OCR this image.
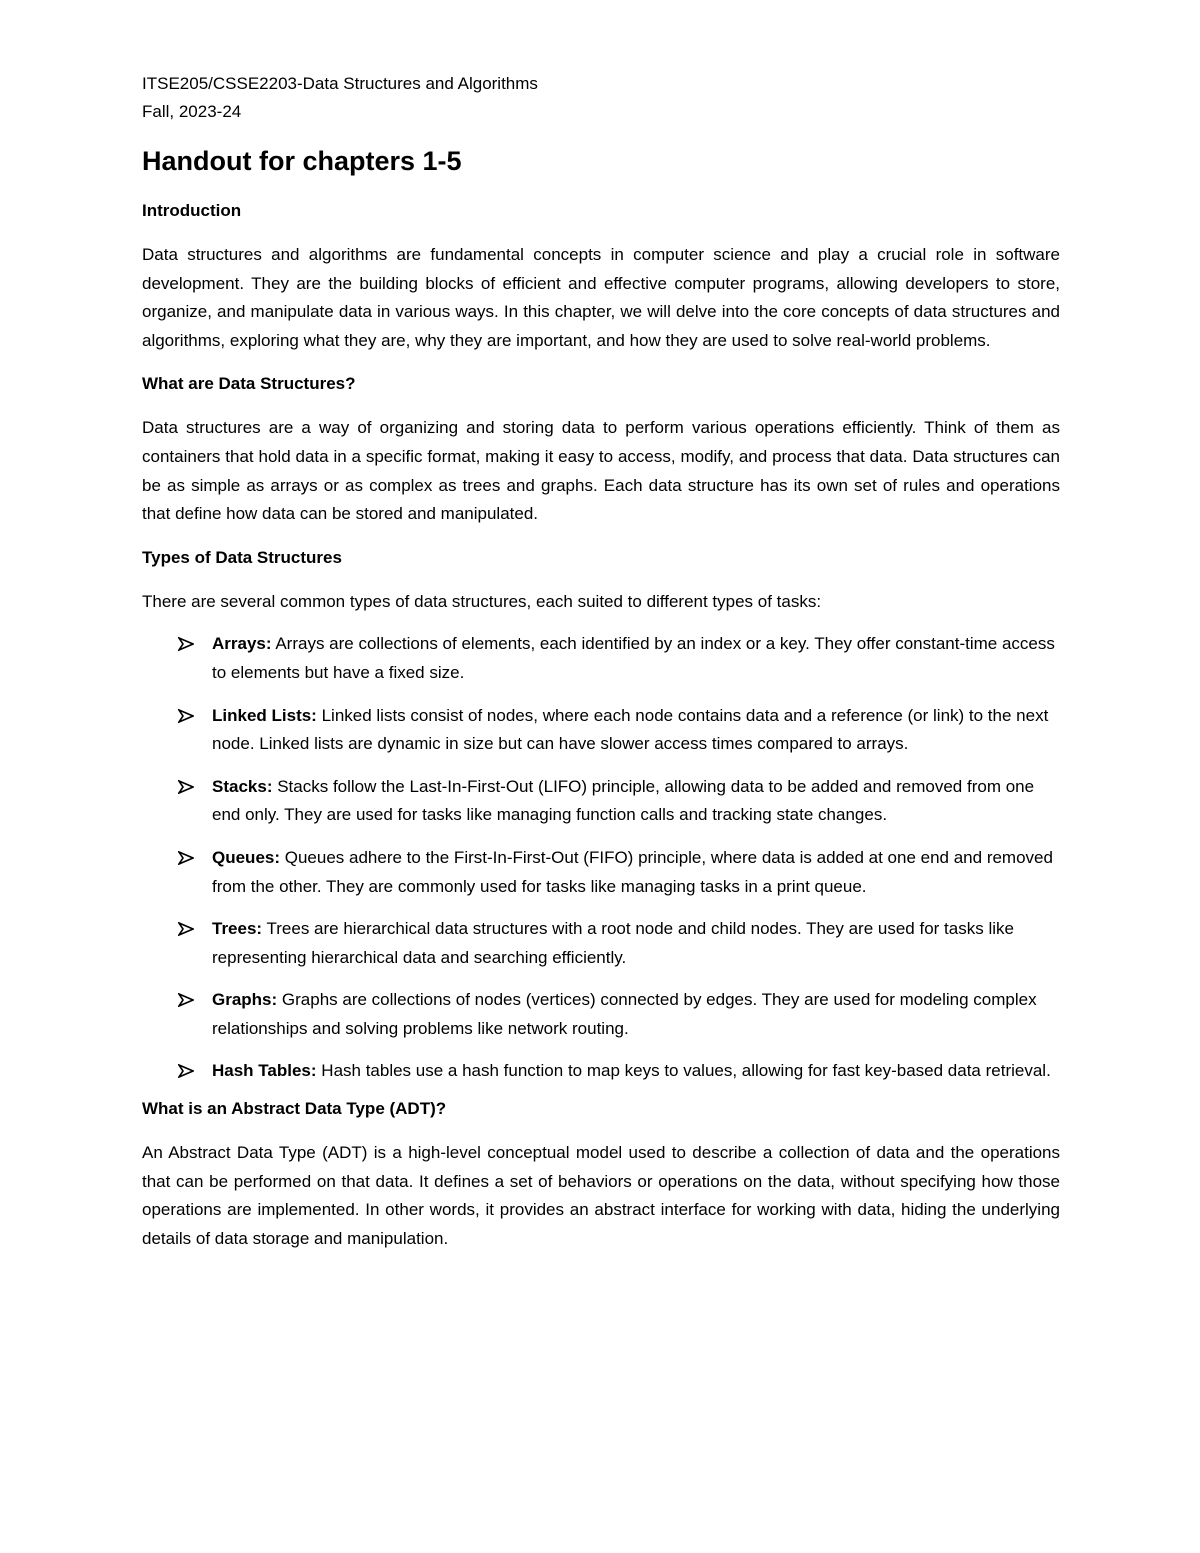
ITSE205/CSSE2203-Data Structures and Algorithms

Fall, 2023-24

Handout for chapters 1-5
Introduction

Data structures and algorithms are fundamental concepts in computer science and play a crucial role in software development. They are the building blocks of efficient and effective computer programs, allowing developers to store, organize, and manipulate data in various ways. In this chapter, we will delve into the core concepts of data structures and algorithms, exploring what they are, why they are important, and how they are used to solve real-world problems.

What are Data Structures?

Data structures are a way of organizing and storing data to perform various operations efficiently. Think of them as containers that hold data in a specific format, making it easy to access, modify, and process that data. Data structures can be as simple as arrays or as complex as trees and graphs. Each data structure has its own set of rules and operations that define how data can be stored and manipulated.

Types of Data Structures

There are several common types of data structures, each suited to different types of tasks:

Arrays: Arrays are collections of elements, each identified by an index or a key. They offer constant-time access to elements but have a fixed size.
Linked Lists: Linked lists consist of nodes, where each node contains data and a reference (or link) to the next node. Linked lists are dynamic in size but can have slower access times compared to arrays.
Stacks: Stacks follow the Last-In-First-Out (LIFO) principle, allowing data to be added and removed from one end only. They are used for tasks like managing function calls and tracking state changes.
Queues: Queues adhere to the First-In-First-Out (FIFO) principle, where data is added at one end and removed from the other. They are commonly used for tasks like managing tasks in a print queue.
Trees: Trees are hierarchical data structures with a root node and child nodes. They are used for tasks like representing hierarchical data and searching efficiently.
Graphs: Graphs are collections of nodes (vertices) connected by edges. They are used for modeling complex relationships and solving problems like network routing.
Hash Tables: Hash tables use a hash function to map keys to values, allowing for fast key-based data retrieval.
What is an Abstract Data Type (ADT)?

An Abstract Data Type (ADT) is a high-level conceptual model used to describe a collection of data and the operations that can be performed on that data. It defines a set of behaviors or operations on the data, without specifying how those operations are implemented. In other words, it provides an abstract interface for working with data, hiding the underlying details of data storage and manipulation.
